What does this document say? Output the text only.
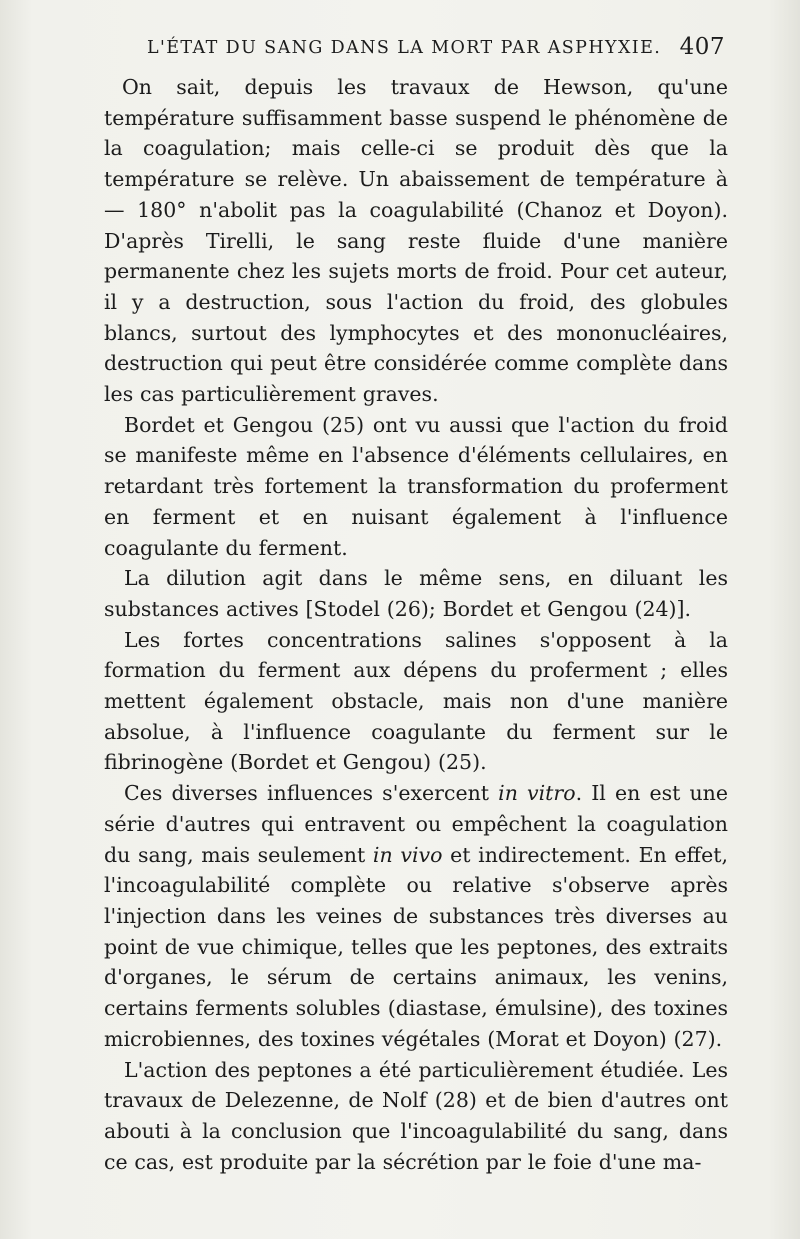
L'ÉTAT DU SANG DANS LA MORT PAR ASPHYXIE. 407

On sait, depuis les travaux de Hewson, qu'une température suffisamment basse suspend le phénomène de la coagulation; mais celle-ci se produit dès que la température se relève. Un abaissement de température à — 180° n'abolit pas la coagulabilité (Chanoz et Doyon). D'après Tirelli, le sang reste fluide d'une manière permanente chez les sujets morts de froid. Pour cet auteur, il y a destruction, sous l'action du froid, des globules blancs, surtout des lymphocytes et des mononucléaires, destruction qui peut être considérée comme complète dans les cas particulièrement graves.

Bordet et Gengou (25) ont vu aussi que l'action du froid se manifeste même en l'absence d'éléments cellulaires, en retardant très fortement la transformation du proferment en ferment et en nuisant également à l'influence coagulante du ferment.

La dilution agit dans le même sens, en diluant les substances actives [Stodel (26); Bordet et Gengou (24)].

Les fortes concentrations salines s'opposent à la formation du ferment aux dépens du proferment ; elles mettent également obstacle, mais non d'une manière absolue, à l'influence coagulante du ferment sur le fibrinogène (Bordet et Gengou) (25).

Ces diverses influences s'exercent in vitro. Il en est une série d'autres qui entravent ou empêchent la coagulation du sang, mais seulement in vivo et indirectement. En effet, l'incoagulabilité complète ou relative s'observe après l'injection dans les veines de substances très diverses au point de vue chimique, telles que les peptones, des extraits d'organes, le sérum de certains animaux, les venins, certains ferments solubles (diastase, émulsine), des toxines microbiennes, des toxines végétales (Morat et Doyon) (27).

L'action des peptones a été particulièrement étudiée. Les travaux de Delezenne, de Nolf (28) et de bien d'autres ont abouti à la conclusion que l'incoagulabilité du sang, dans ce cas, est produite par la sécrétion par le foie d'une ma-
